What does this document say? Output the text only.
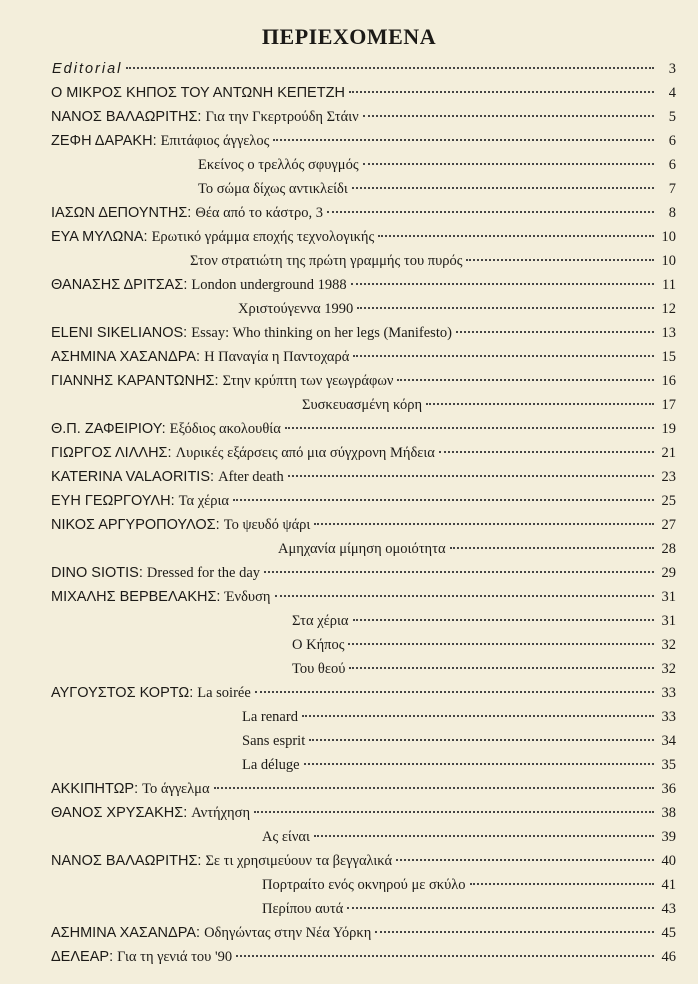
ΠΕΡΙΕΧΟΜΕΝΑ
Editorial	3
Ο ΜΙΚΡΟΣ ΚΗΠΟΣ ΤΟΥ ΑΝΤΩΝΗ ΚΕΠΕΤΖΗ	4
ΝΑΝΟΣ ΒΑΛΑΩΡΙΤΗΣ: Για την Γκερτρούδη Στάιν	5
ΖΕΦΗ ΔΑΡΑΚΗ: Επιτάφιος άγγελος	6
Εκείνος ο τρελλός σφυγμός	6
Το σώμα δίχως αντικλείδι	7
ΙΑΣΩΝ ΔΕΠΟΥΝΤΗΣ: Θέα από το κάστρο, 3	8
ΕΥΑ ΜΥΛΩΝΑ: Ερωτικό γράμμα εποχής τεχνολογικής	10
Στον στρατιώτη της πρώτη γραμμής του πυρός	10
ΘΑΝΑΣΗΣ ΔΡΙΤΣΑΣ: London underground 1988	11
Χριστούγεννα 1990	12
ELENI SIKELIANOS: Essay: Who thinking on her legs (Manifesto)	13
ΑΣΗΜΙΝΑ ΧΑΣΑΝΔΡΑ: Η Παναγία η Παντοχαρά	15
ΓΙΑΝΝΗΣ ΚΑΡΑΝΤΩΝΗΣ: Στην κρύπτη των γεωγράφων	16
Συσκευασμένη κόρη	17
Θ.Π. ΖΑΦΕΙΡΙΟΥ: Εξόδιος ακολουθία	19
ΓΙΩΡΓΟΣ ΛΙΛΛΗΣ: Λυρικές εξάρσεις από μια σύγχρονη Μήδεια	21
KATERINA VALAORITIS: After death	23
ΕΥΗ ΓΕΩΡΓΟΥΛΗ: Τα χέρια	25
ΝΙΚΟΣ ΑΡΓΥΡΟΠΟΥΛΟΣ: Το ψευδό ψάρι	27
Αμηχανία μίμηση ομοιότητα	28
DINO SIOTIS: Dressed for the day	29
ΜΙΧΑΛΗΣ ΒΕΡΒΕΛΑΚΗΣ: Ένδυση	31
Στα χέρια	31
Ο Κήπος	32
Του θεού	32
ΑΥΓΟΥΣΤΟΣ ΚΟΡΤΩ: La soirée	33
La renard	33
Sans esprit	34
La déluge	35
ΑΚΚΙΠΗΤΩΡ: Το άγγελμα	36
ΘΑΝΟΣ ΧΡΥΣΑΚΗΣ: Αντήχηση	38
Ας είναι	39
ΝΑΝΟΣ ΒΑΛΑΩΡΙΤΗΣ: Σε τι χρησιμεύουν τα βεγγαλικά	40
Πορτραίτο ενός οκνηρού με σκύλο	41
Περίπου αυτά	43
ΑΣΗΜΙΝΑ ΧΑΣΑΝΔΡΑ: Οδηγώντας στην Νέα Υόρκη	45
ΔΕΛΕΑΡ: Για τη γενιά του '90	46
